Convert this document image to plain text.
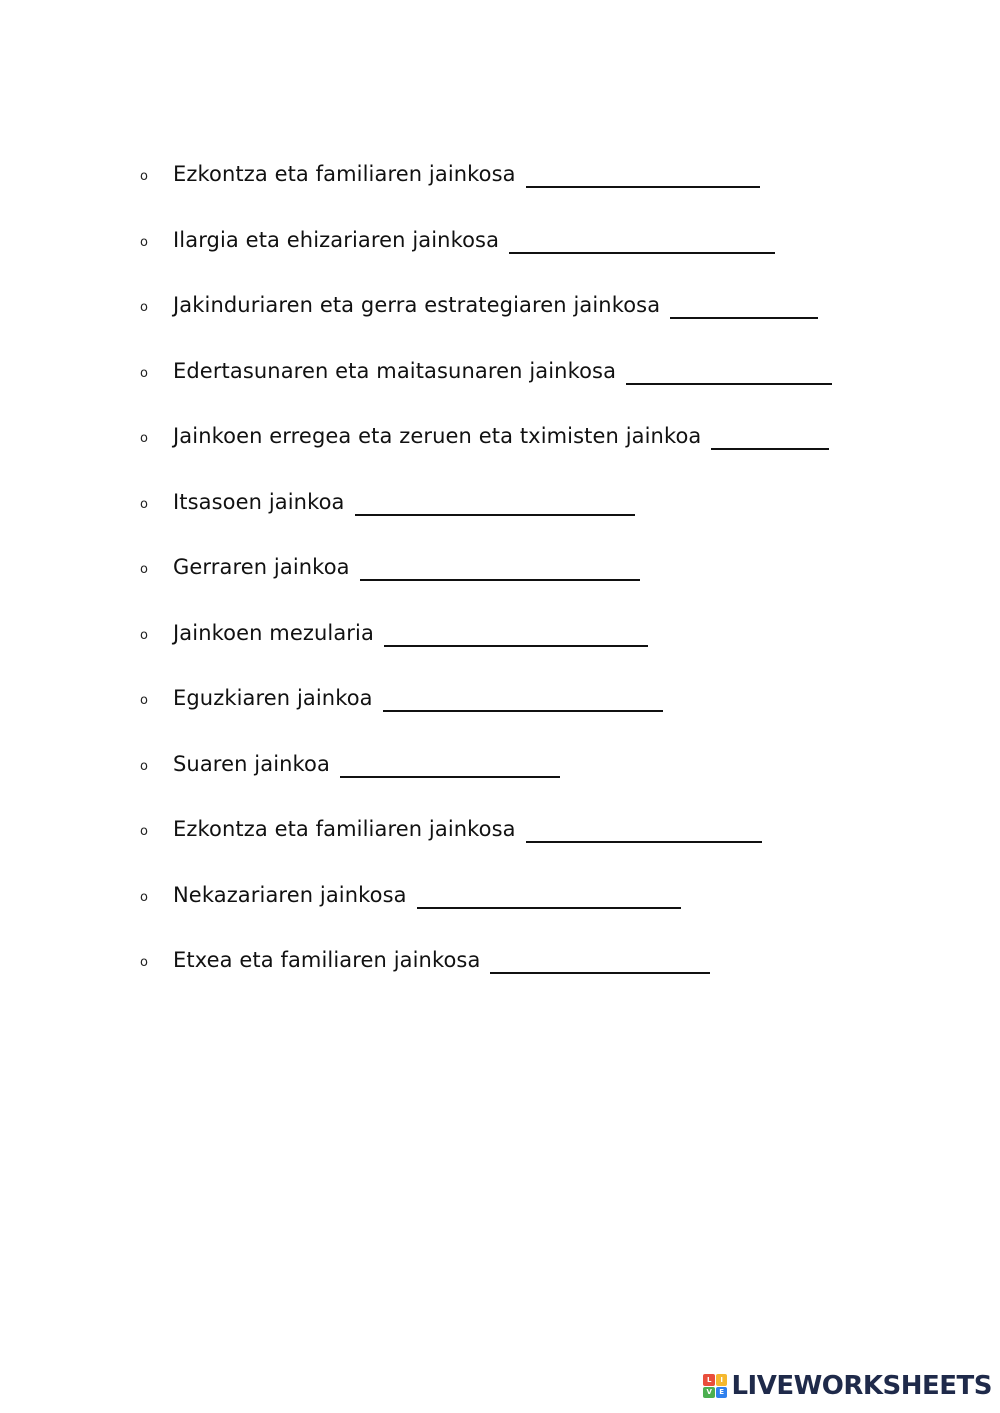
o	Ezkontza eta familiaren jainkosa
o	Ilargia eta ehizariaren jainkosa
o	Jakinduriaren eta gerra estrategiaren jainkosa
o	Edertasunaren eta maitasunaren jainkosa
o	Jainkoen erregea eta zeruen eta tximisten jainkoa
o	Itsasoen jainkoa
o	Gerraren jainkoa
o	Jainkoen mezularia
o	Eguzkiaren jainkoa
o	Suaren jainkoa
o	Ezkontza eta familiaren jainkosa
o	Nekazariaren jainkosa
o	Etxea eta familiaren jainkosa
L	I
V	E LIVEWORKSHEETS
